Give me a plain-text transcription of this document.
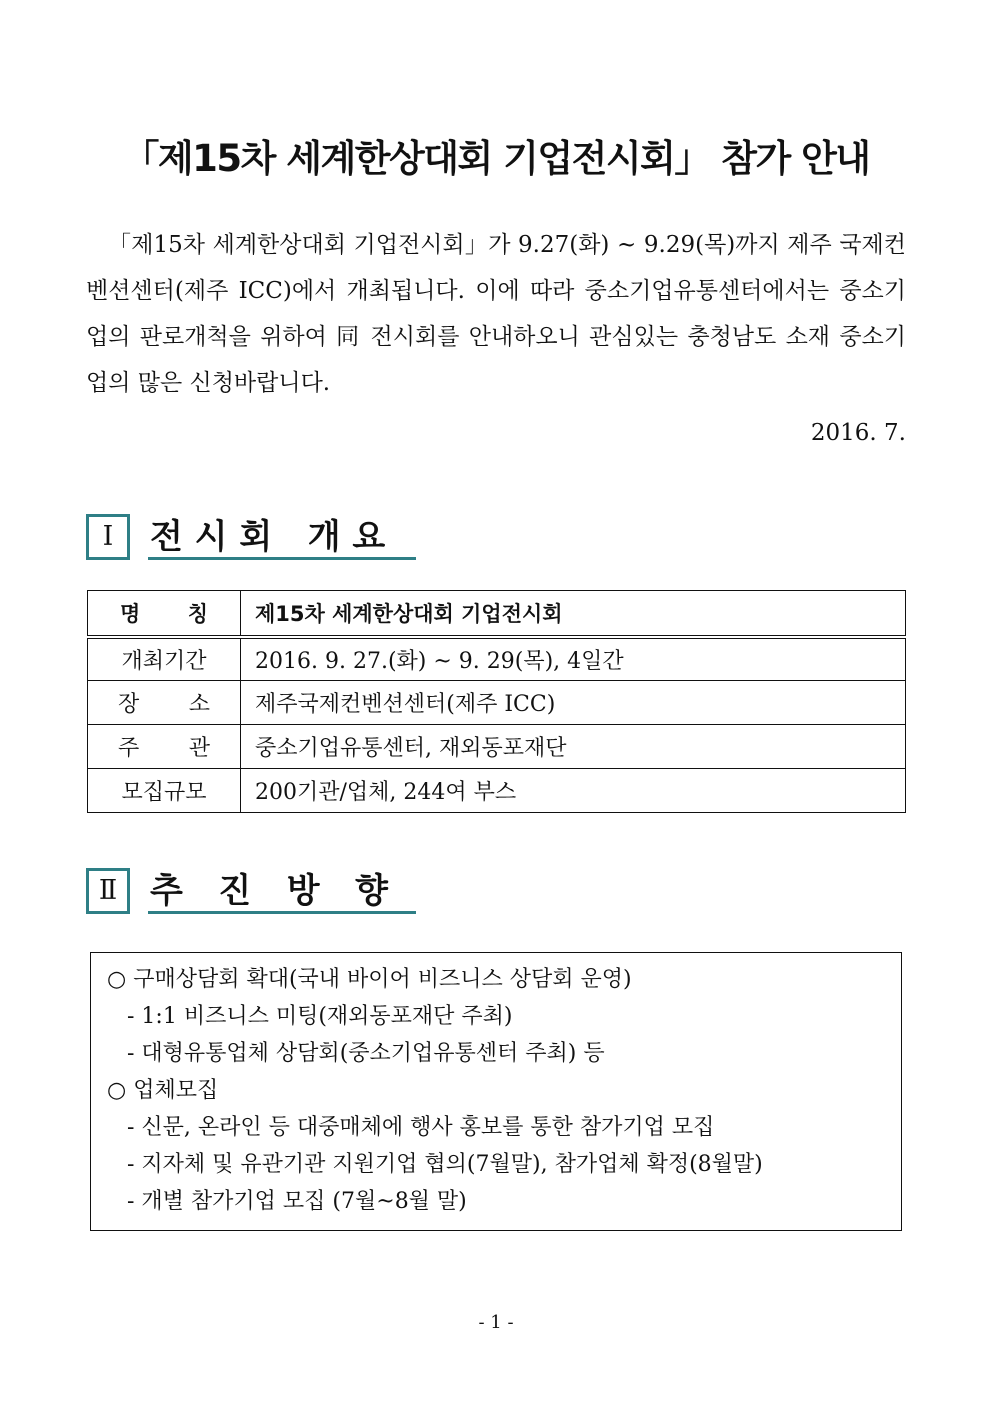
「제15차 세계한상대회 기업전시회」 참가 안내

「제15차 세계한상대회 기업전시회」가 9.27(화) ~ 9.29(목)까지 제주 국제컨벤션센터(제주 ICC)에서 개최됩니다. 이에 따라 중소기업유통센터에서는 중소기업의 판로개척을 위하여 同 전시회를 안내하오니 관심있는 충청남도 소재 중소기업의 많은 신청바랍니다.

2016. 7.
Ⅰ	전 시 회   개 요
명 칭	제15차 세계한상대회 기업전시회
개최기간	2016. 9. 27.(화) ~ 9. 29(목), 4일간

장 소	제주국제컨벤션센터(제주 ICC)

주 관	중소기업유통센터, 재외동포재단
모집규모	200기관/업체, 244여 부스
Ⅱ 추   진   방   향
○ 구매상담회 확대(국내 바이어 비즈니스 상담회 운영)
- 1:1 비즈니스 미팅(재외동포재단 주최)
- 대형유통업체 상담회(중소기업유통센터 주최) 등
○ 업체모집
- 신문, 온라인 등 대중매체에 행사 홍보를 통한 참가기업 모집
- 지자체 및 유관기관 지원기업 협의(7월말), 참가업체 확정(8월말)
- 개별 참가기업 모집 (7월~8월 말)
- 1 -
